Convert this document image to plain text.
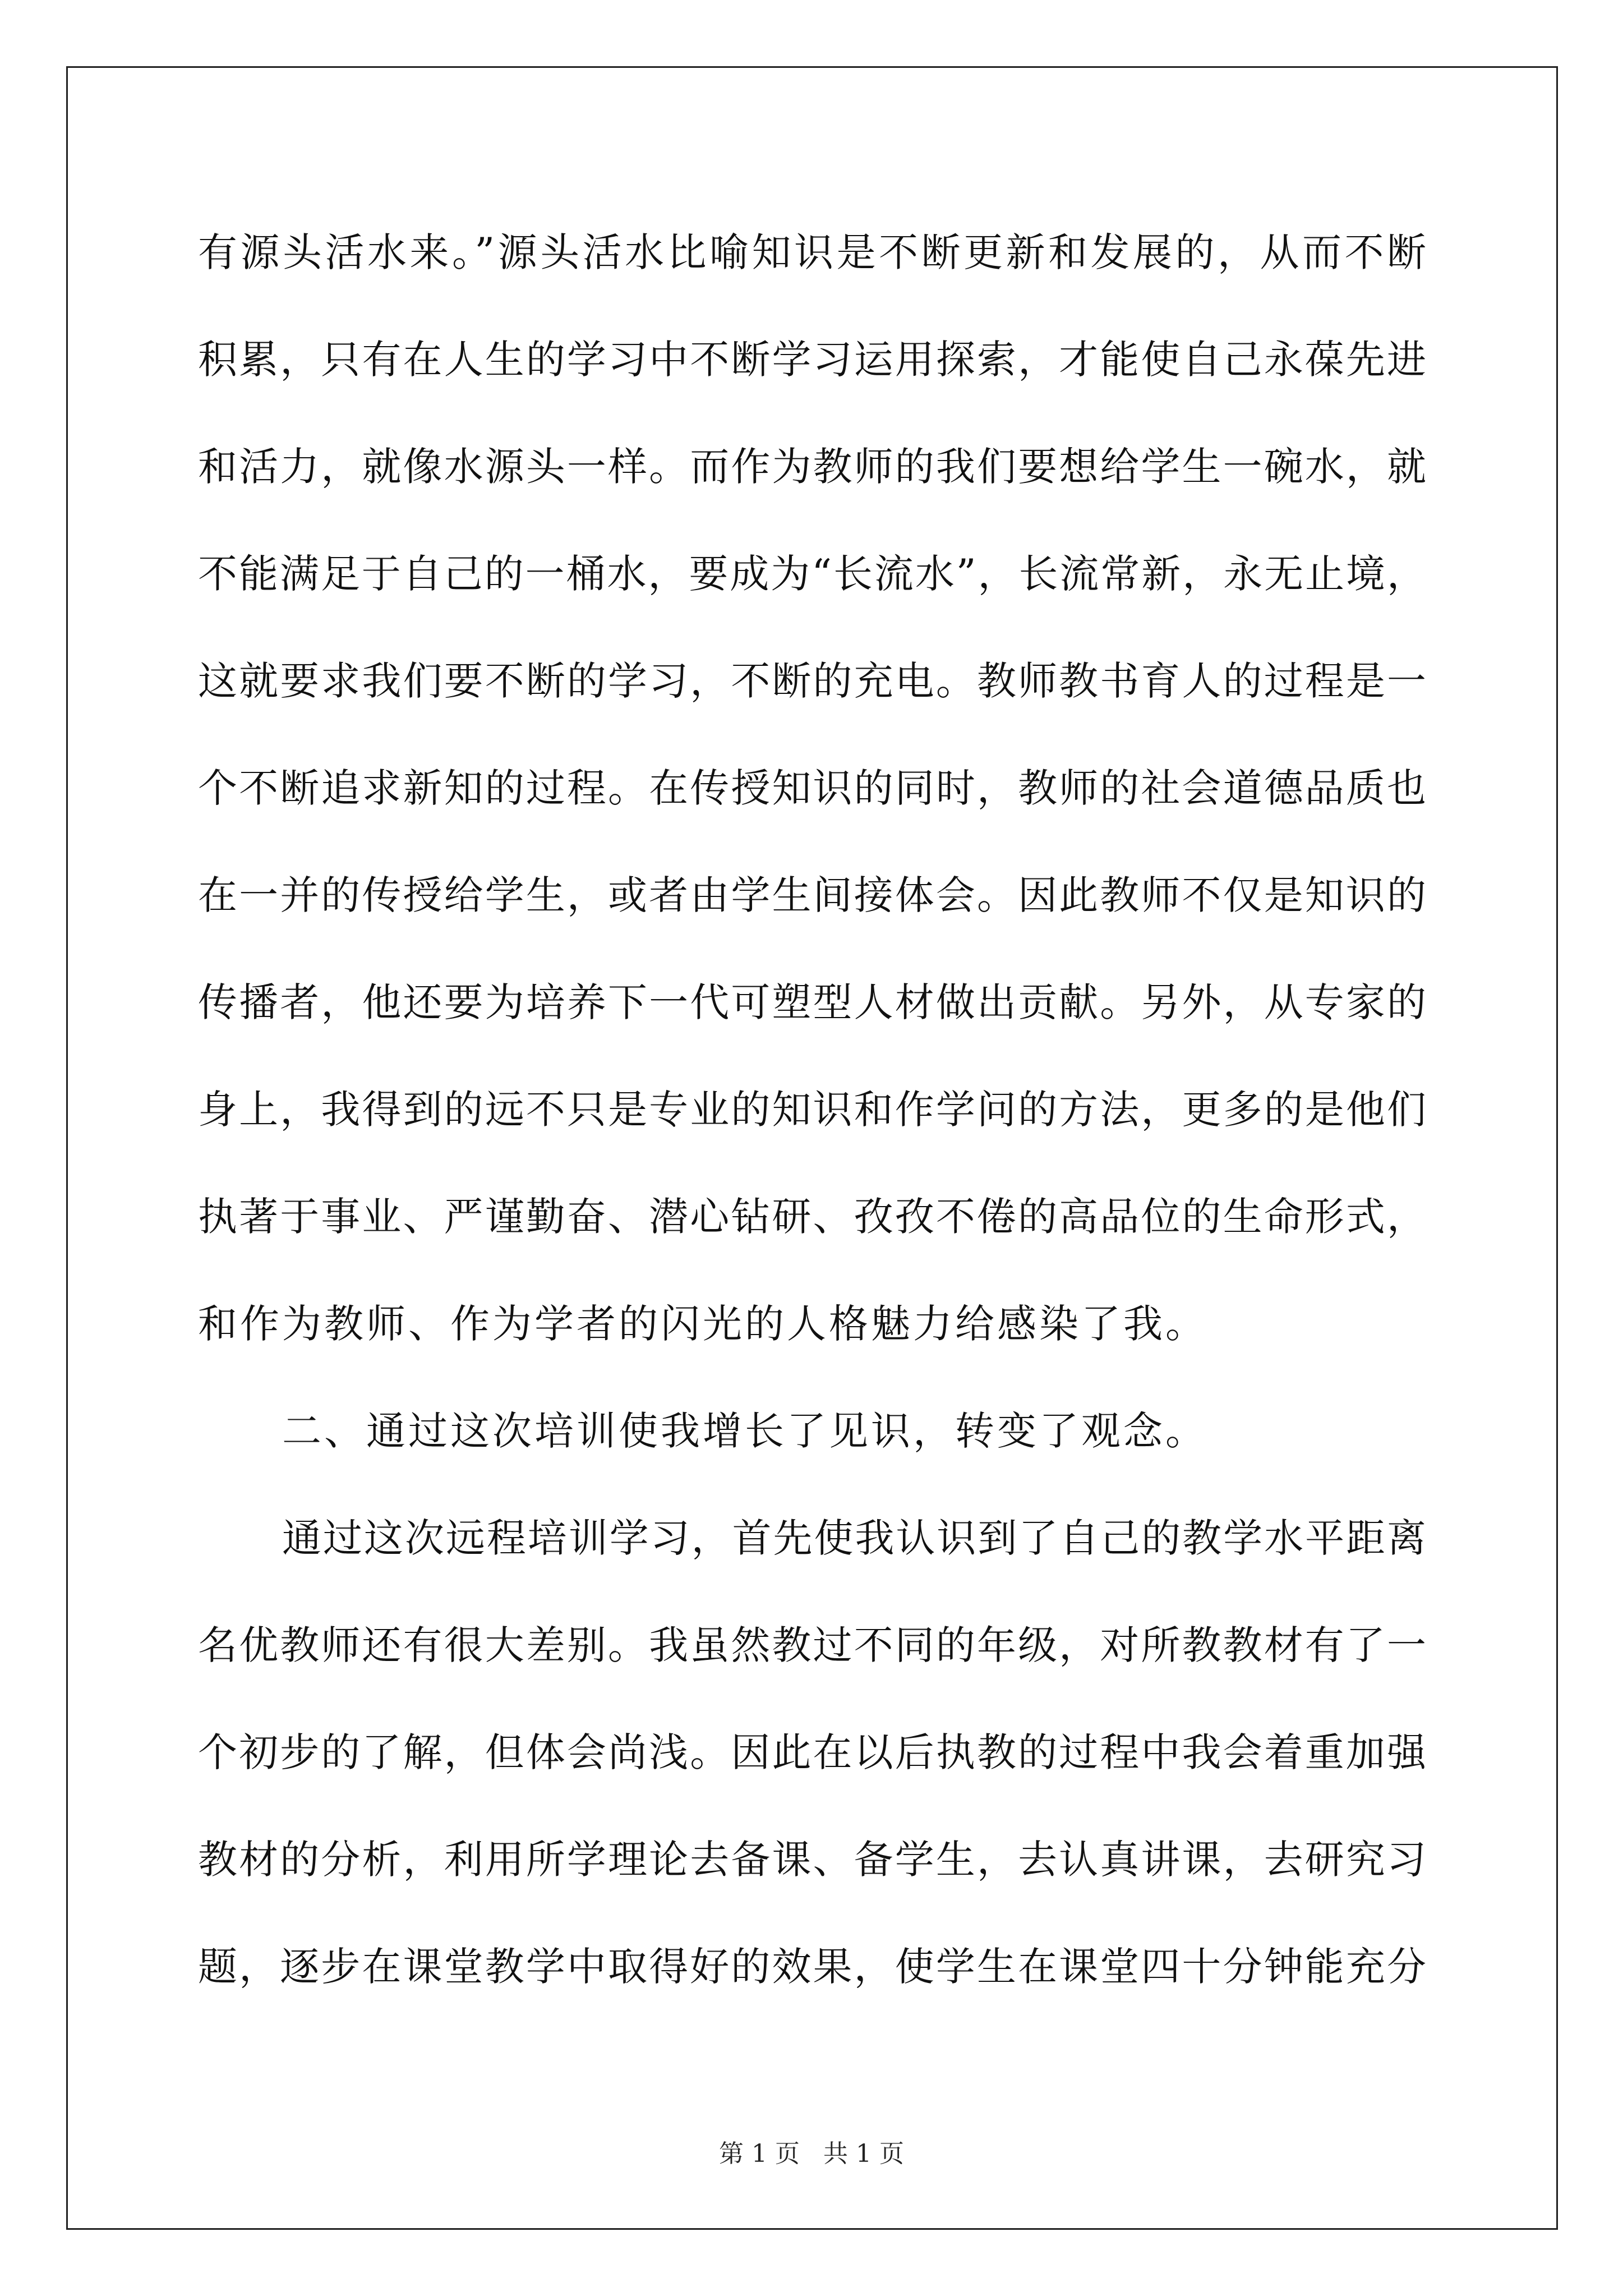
有源头活水来。”源头活水比喻知识是不断更新和发展的，从而不断
积累，只有在人生的学习中不断学习运用探索，才能使自己永葆先进
和活力，就像水源头一样。而作为教师的我们要想给学生一碗水，就
不能满足于自己的一桶水，要成为“长流水”，长流常新，永无止境，
这就要求我们要不断的学习，不断的充电。教师教书育人的过程是一
个不断追求新知的过程。在传授知识的同时，教师的社会道德品质也
在一并的传授给学生，或者由学生间接体会。因此教师不仅是知识的
传播者，他还要为培养下一代可塑型人材做出贡献。另外，从专家的
身上，我得到的远不只是专业的知识和作学问的方法，更多的是他们
执著于事业、严谨勤奋、潜心钻研、孜孜不倦的高品位的生命形式，
和作为教师、作为学者的闪光的人格魅力给感染了我。
二、通过这次培训使我增长了见识，转变了观念。
通过这次远程培训学习，首先使我认识到了自己的教学水平距离
名优教师还有很大差别。我虽然教过不同的年级，对所教教材有了一
个初步的了解，但体会尚浅。因此在以后执教的过程中我会着重加强
教材的分析，利用所学理论去备课、备学生，去认真讲课，去研究习
题，逐步在课堂教学中取得好的效果，使学生在课堂四十分钟能充分
第 1 页   共 1 页
